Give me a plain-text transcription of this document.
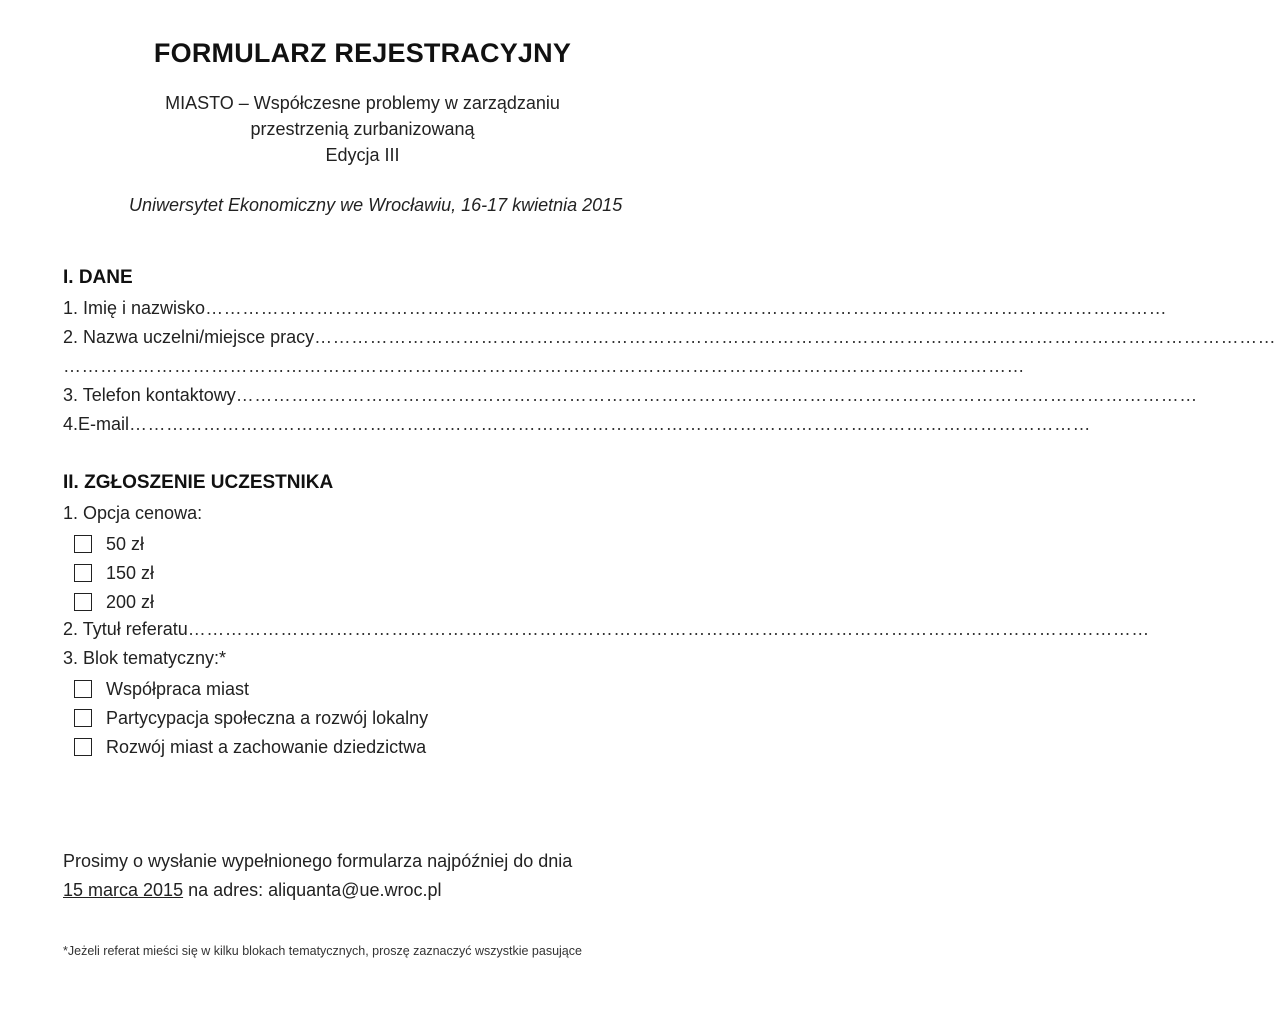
FORMULARZ REJESTRACYJNY
MIASTO – Współczesne problemy w zarządzaniu
przestrzenią zurbanizowaną
Edycja III
Uniwersytet Ekonomiczny we Wrocławiu, 16-17 kwietnia 2015
I. DANE
1. Imię i nazwisko …………………………………………………………………………………………………………………………………………
2. Nazwa uczelni/miejsce pracy …………………………………………………………………………………………………………………………………………
…………………………………………………………………………………………………………………………………………
3. Telefon kontaktowy …………………………………………………………………………………………………………………………………………
4.E-mail …………………………………………………………………………………………………………………………………………
II. ZGŁOSZENIE UCZESTNIKA
1. Opcja cenowa:
50 zł
150 zł
200 zł
2. Tytuł referatu …………………………………………………………………………………………………………………………………………
3. Blok tematyczny:*
Współpraca miast
Partycypacja społeczna a rozwój lokalny
Rozwój miast a zachowanie dziedzictwa
Prosimy o wysłanie wypełnionego formularza najpóźniej do dnia
15 marca 2015 na adres: aliquanta@ue.wroc.pl
*Jeżeli referat mieści się w kilku blokach tematycznych, proszę zaznaczyć wszystkie pasujące
